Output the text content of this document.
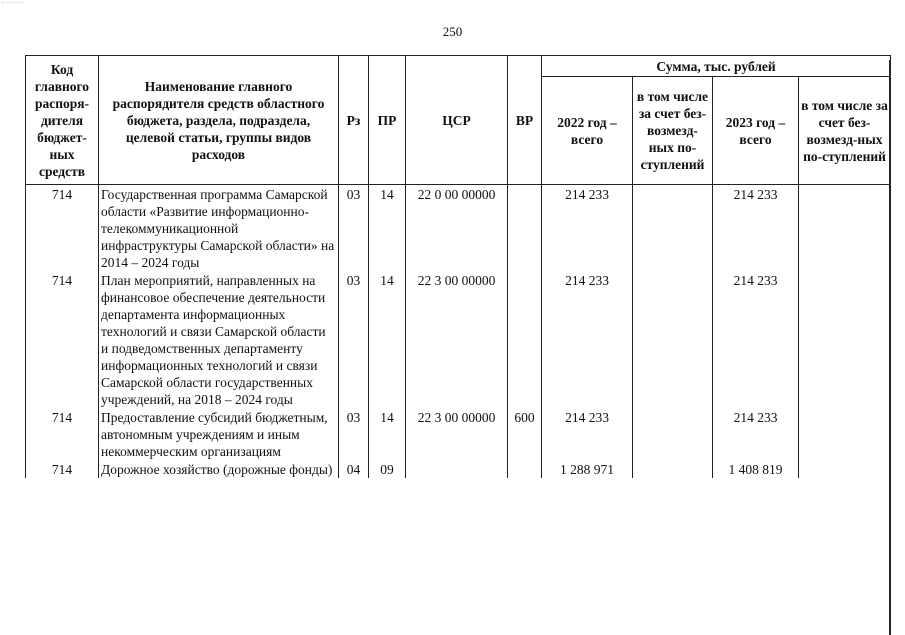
250
Код главного распоря-дителя бюджет-ных средств	Наименование главного распорядителя средств областного бюджета, раздела, подраздела, целевой статьи, группы видов расходов	Рз	ПР	ЦСР	ВР	Сумма, тыс. рублей			
						2022 год – всего	в том числе за счет без-возмезд-ных по-ступлений	2023 год – всего	в том числе за счет без-возмезд-ных по-ступлений
714	Государственная программа Самарской области «Развитие информационно-телекоммуникационной инфраструктуры Самарской области» на 2014 – 2024 годы	03	14	22 0 00 00000		214 233		214 233	
714	План мероприятий, направленных на финансовое обеспечение деятельности департамента информационных технологий и связи Самарской области и подведомственных департаменту информационных технологий и связи Самарской области государственных учреждений, на 2018 – 2024 годы	03	14	22 3 00 00000		214 233		214 233	
714	Предоставление субсидий бюджетным, автономным учреждениям и иным некоммерческим организациям	03	14	22 3 00 00000	600	214 233		214 233	
714	Дорожное хозяйство (дорожные фонды)	04	09			1 288 971		1 408 819	
